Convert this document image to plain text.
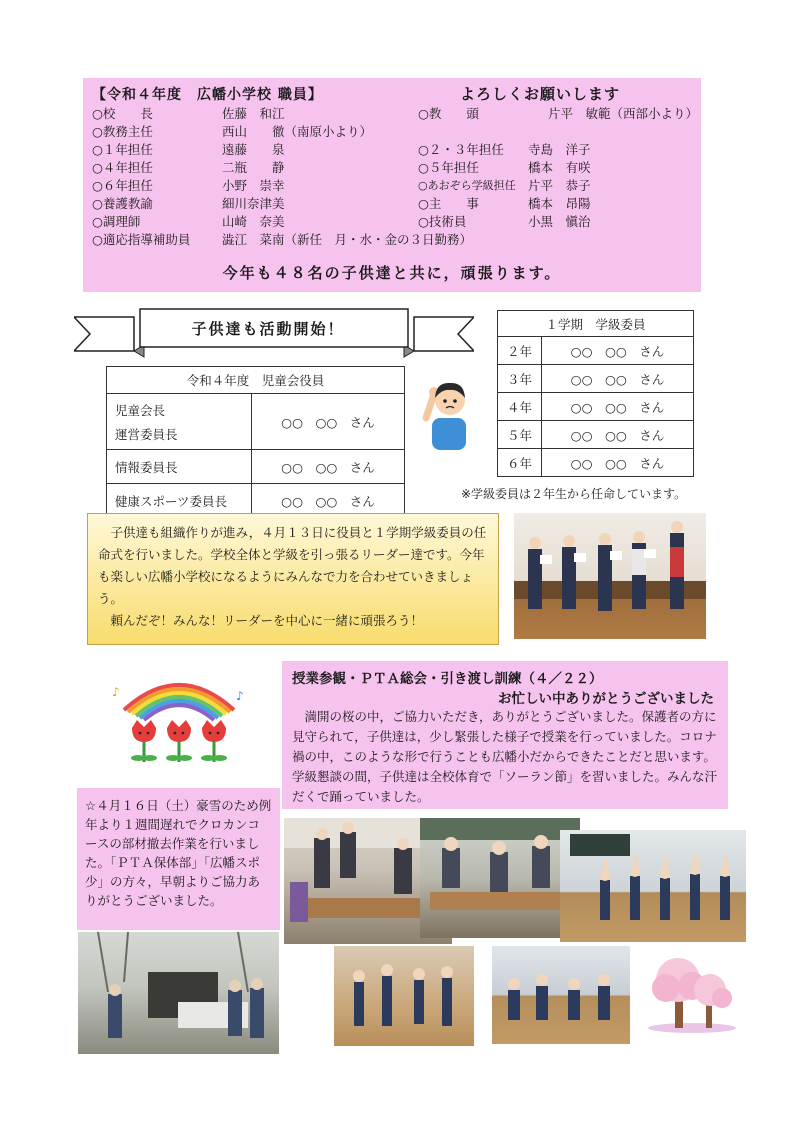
【令和４年度　広幡小学校 職員】	よろしくお願いします
○校　　長	佐藤　和江
○教務主任	西山　　徹（南原小より）
○１年担任	遠藤　　泉
○４年担任	二瓶　　静
○６年担任	小野　崇幸
○養護教諭	細川奈津美
○調理師	山崎　奈美
○適応指導補助員	澁江　菜南（新任　月・水・金の３日勤務）
○教　　頭	片平　敏範（西部小より）
○２・３年担任 寺島　洋子
○５年担任	橋本　有咲
○あおぞら学級担任 片平　恭子
○主　　事	橋本　昂陽
○技術員	小黒　愼治
今年も４８名の子供達と共に，頑張ります。
子供達も活動開始！
令和４年度　児童会役員	

児童会長
運営委員長	○○　○○　さん
情報委員長	○○　○○　さん
健康スポーツ委員長	○○　○○　さん
１学期　学級委員	
２年	○○　○○　さん
３年	○○　○○　さん
４年	○○　○○　さん
５年	○○　○○　さん
６年	○○　○○　さん
※学級委員は２年生から任命しています。

　子供達も組織作りが進み，４月１３日に役員と１学期学級委員の任命式を行いました。学校全体と学級を引っ張るリーダー達です。今年も楽しい広幡小学校になるようにみんなで力を合わせていきましょう。

　頼んだぞ！みんな！リーダーを中心に一緒に頑張ろう！

♪	♪
授業参観・ＰＴＡ総会・引き渡し訓練（４／２２）
お忙しい中ありがとうございました
　満開の桜の中，ご協力いただき，ありがとうございました。保護者の方に見守られて，子供達は，少し緊張した様子で授業を行っていました。コロナ禍の中，このような形で行うことも広幡小だからできたことだと思います。学級懇談の間，子供達は全校体育で「ソーラン節」を習いました。みんな汗だくで踊っていました。
☆４月１６日（土）豪雪のため例年より１週間遅れでクロカンコースの部材撤去作業を行いました。「ＰＴＡ保体部」「広幡スポ少」の方々，早朝よりご協力ありがとうございました。
